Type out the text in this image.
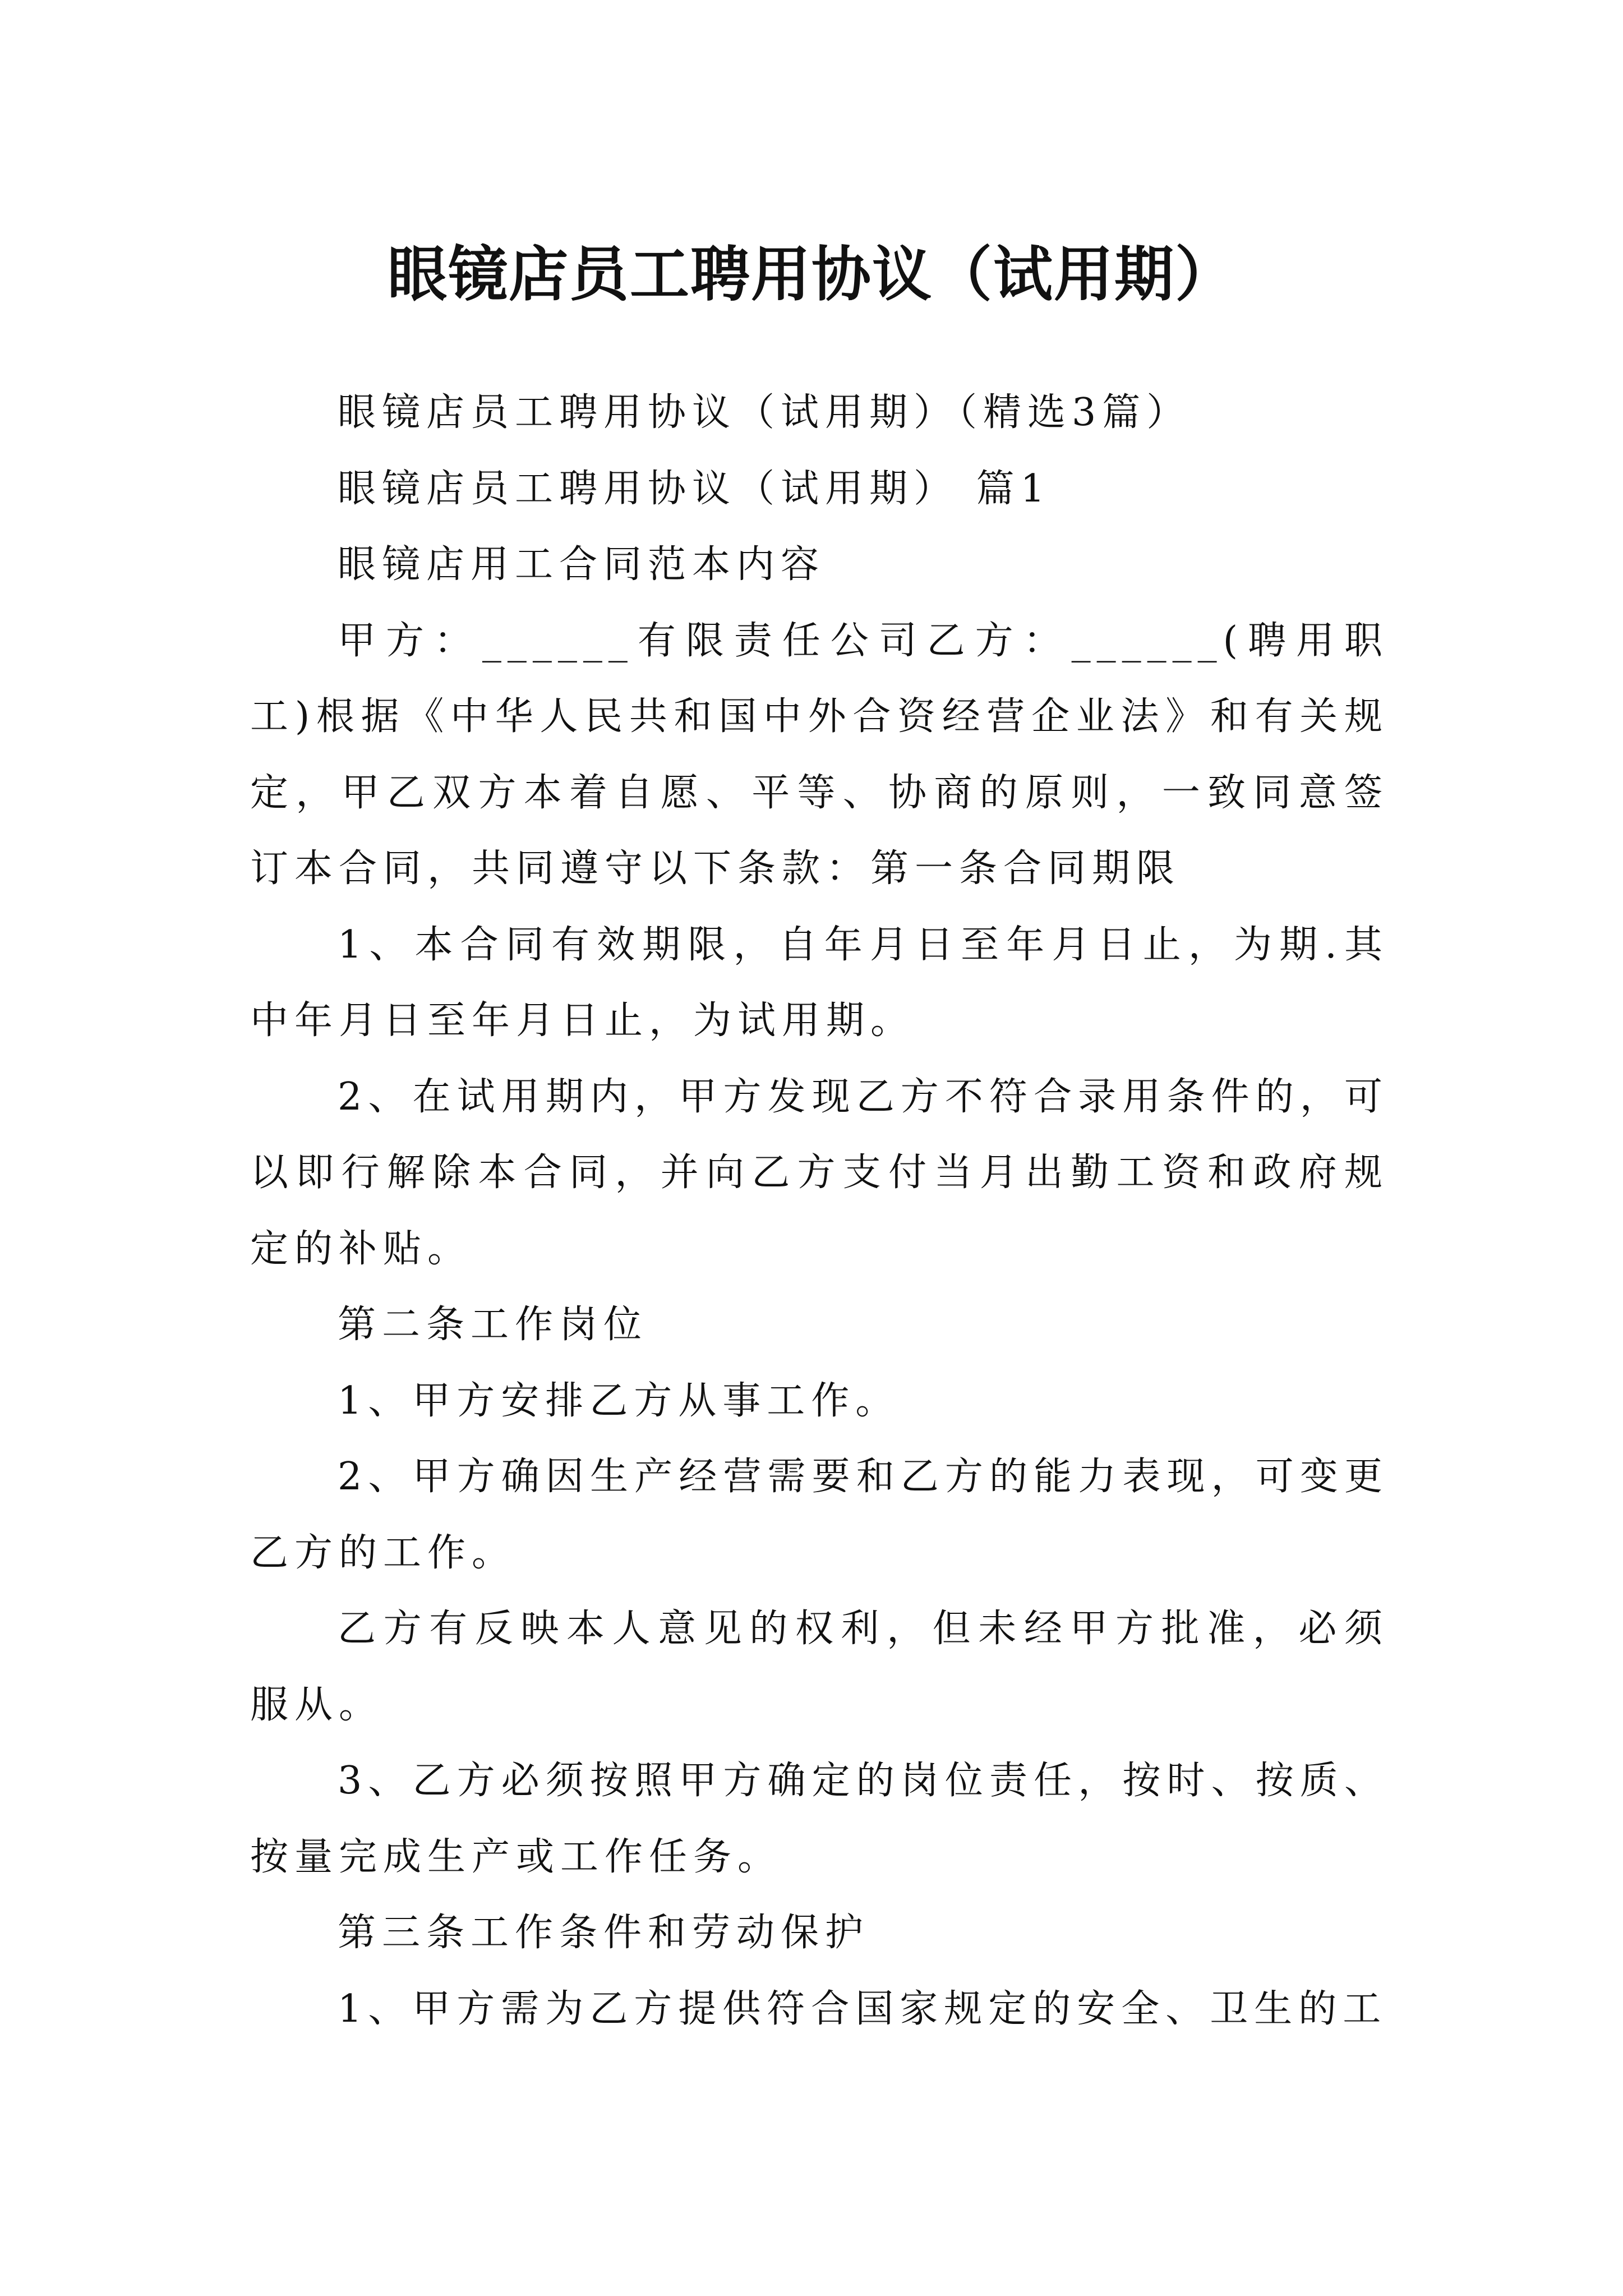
眼镜店员工聘用协议（试用期）

眼镜店员工聘用协议（试用期）（精选3篇）

眼镜店员工聘用协议（试用期） 篇1

眼镜店用工合同范本内容

甲方：______有限责任公司乙方：______(聘用职工)根据《中华人民共和国中外合资经营企业法》和有关规定，甲乙双方本着自愿、平等、协商的原则，一致同意签订本合同，共同遵守以下条款：第一条合同期限

1、本合同有效期限，自年月日至年月日止，为期.其中年月日至年月日止，为试用期。

2、在试用期内，甲方发现乙方不符合录用条件的，可以即行解除本合同，并向乙方支付当月出勤工资和政府规定的补贴。

第二条工作岗位

1、甲方安排乙方从事工作。

2、甲方确因生产经营需要和乙方的能力表现，可变更乙方的工作。

乙方有反映本人意见的权利，但未经甲方批准，必须服从。

3、乙方必须按照甲方确定的岗位责任，按时、按质、按量完成生产或工作任务。

第三条工作条件和劳动保护

1、甲方需为乙方提供符合国家规定的安全、卫生的工
